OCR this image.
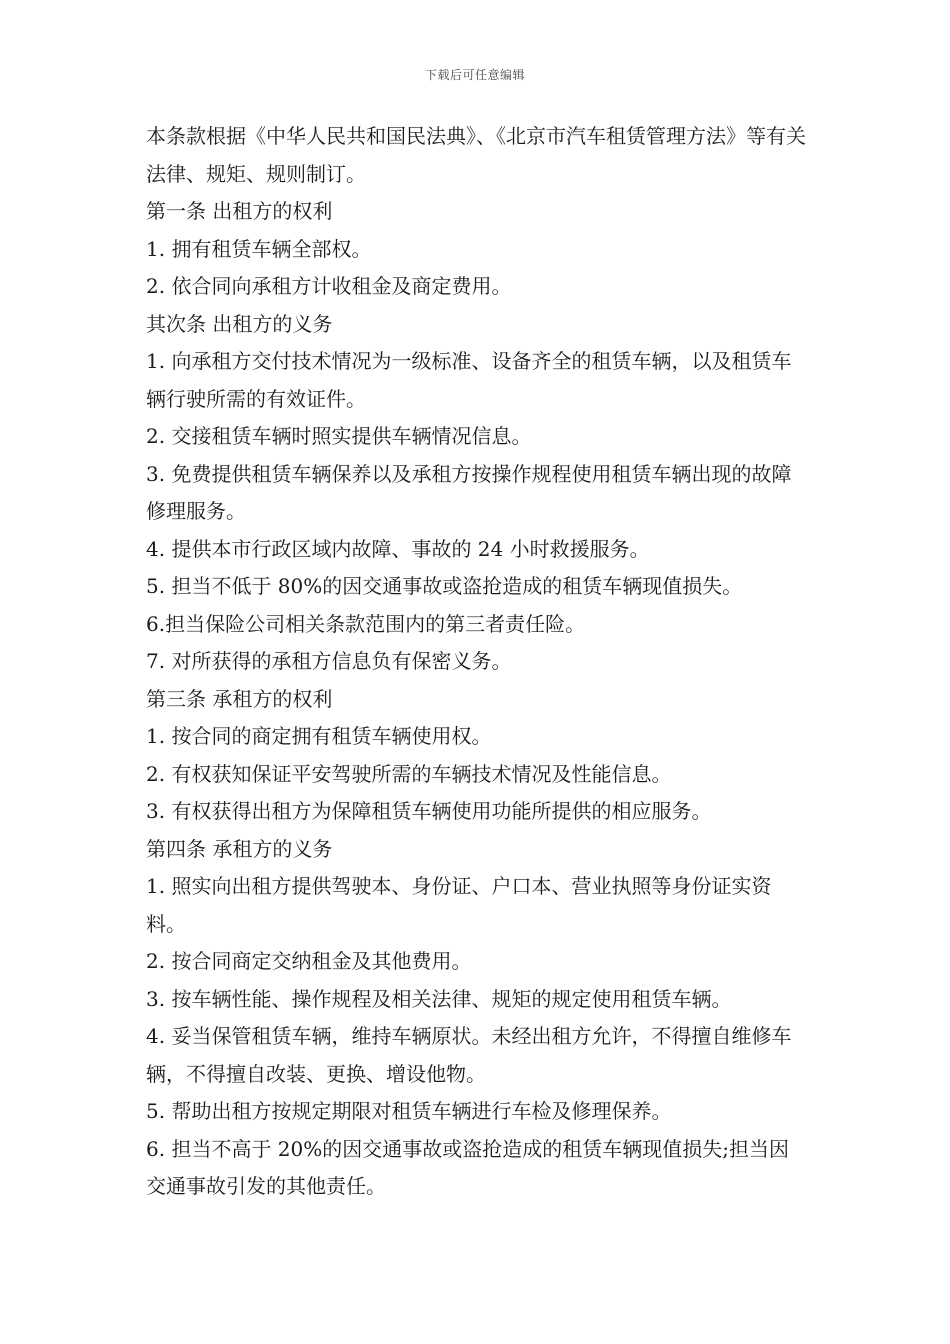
下载后可任意编辑

本条款根据《中华人民共和国民法典》、《北京市汽车租赁管理方法》等有关法律、规矩、规则制订。

第一条 出租方的权利

1. 拥有租赁车辆全部权。

2. 依合同向承租方计收租金及商定费用。

其次条 出租方的义务

1. 向承租方交付技术情况为一级标准、设备齐全的租赁车辆，以及租赁车辆行驶所需的有效证件。

2. 交接租赁车辆时照实提供车辆情况信息。

3. 免费提供租赁车辆保养以及承租方按操作规程使用租赁车辆出现的故障修理服务。

4. 提供本市行政区域内故障、事故的 24 小时救援服务。

5. 担当不低于 80%的因交通事故或盗抢造成的租赁车辆现值损失。

6.担当保险公司相关条款范围内的第三者责任险。

7. 对所获得的承租方信息负有保密义务。

第三条 承租方的权利

1. 按合同的商定拥有租赁车辆使用权。

2. 有权获知保证平安驾驶所需的车辆技术情况及性能信息。

3. 有权获得出租方为保障租赁车辆使用功能所提供的相应服务。

第四条 承租方的义务

1. 照实向出租方提供驾驶本、身份证、户口本、营业执照等身份证实资料。

2. 按合同商定交纳租金及其他费用。

3. 按车辆性能、操作规程及相关法律、规矩的规定使用租赁车辆。

4. 妥当保管租赁车辆，维持车辆原状。未经出租方允许，不得擅自维修车辆，不得擅自改装、更换、增设他物。

5. 帮助出租方按规定期限对租赁车辆进行车检及修理保养。

6. 担当不高于 20%的因交通事故或盗抢造成的租赁车辆现值损失;担当因交通事故引发的其他责任。
